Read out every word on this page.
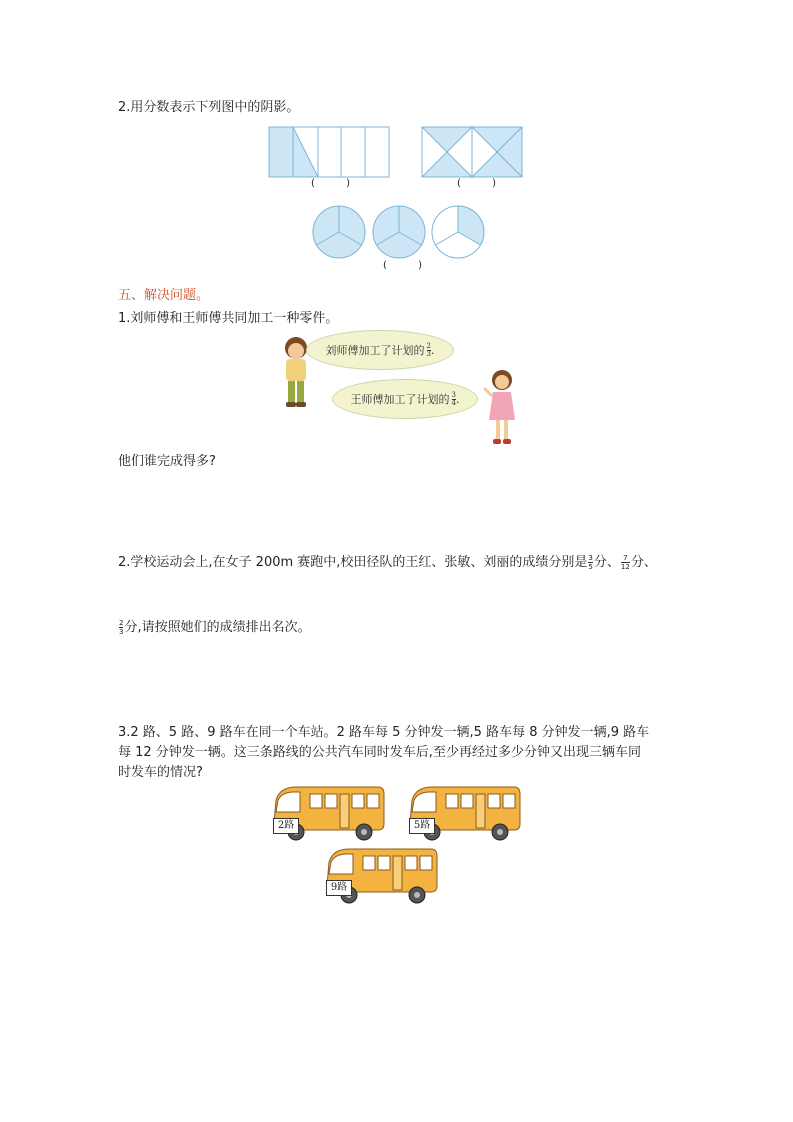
2.用分数表示下列图中的阴影。
( )	( )
( )
五、解决问题。
1.刘师傅和王师傅共同加工一种零件。
刘师傅加工了计划的 $\frac{2}{3}$ .
王师傅加工了计划的 $\frac{3}{4}$ .
他们谁完成得多?
2.学校运动会上,在女子 200m 赛跑中,校田径队的王红、张敏、刘丽的成绩分别是 $\frac{3}{5}$ 分、 $\frac{7}{12}$ 分、
$\frac{2}{3}$ 分,请按照她们的成绩排出名次。
3.2 路、5 路、9 路车在同一个车站。2 路车每 5 分钟发一辆,5 路车每 8 分钟发一辆,9 路车
每 12 分钟发一辆。这三条路线的公共汽车同时发车后,至少再经过多少分钟又出现三辆车同
时发车的情况?
2路	5路
9路
